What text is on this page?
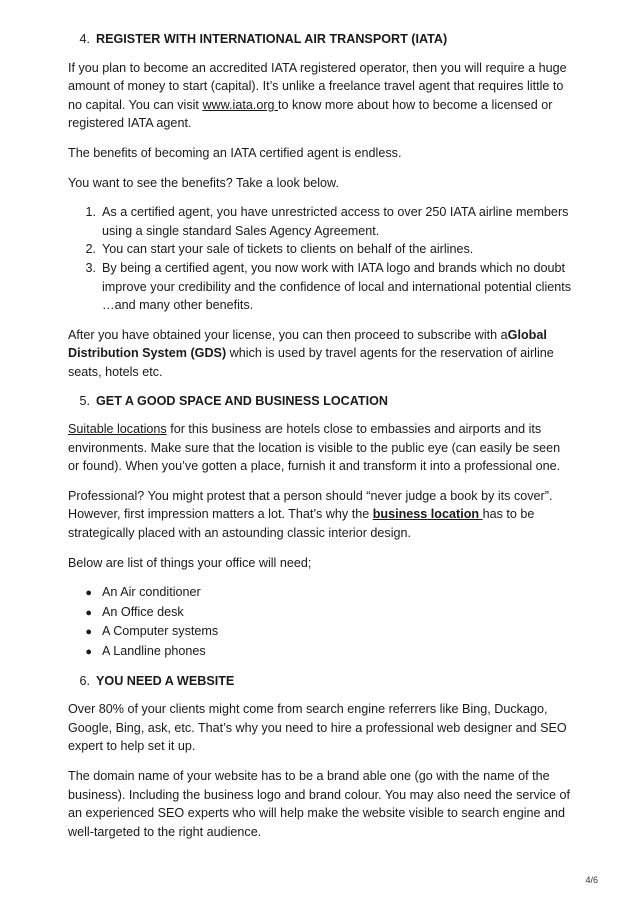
4. REGISTER WITH INTERNATIONAL AIR TRANSPORT (IATA)

If you plan to become an accredited IATA registered operator, then you will require a huge amount of money to start (capital). It’s unlike a freelance travel agent that requires little to no capital. You can visit www.iata.org to know more about how to become a licensed or registered IATA agent.

The benefits of becoming an IATA certified agent is endless.

You want to see the benefits? Take a look below.

1. As a certified agent, you have unrestricted access to over 250 IATA airline members using a single standard Sales Agency Agreement.
2. You can start your sale of tickets to clients on behalf of the airlines.
3. By being a certified agent, you now work with IATA logo and brands which no doubt improve your credibility and the confidence of local and international potential clients …and many other benefits.

After you have obtained your license, you can then proceed to subscribe with aGlobal Distribution System (GDS) which is used by travel agents for the reservation of airline seats, hotels etc.

5. GET A GOOD SPACE AND BUSINESS LOCATION

Suitable locations for this business are hotels close to embassies and airports and its environments. Make sure that the location is visible to the public eye (can easily be seen or found). When you’ve gotten a place, furnish it and transform it into a professional one.

Professional? You might protest that a person should “never judge a book by its cover”. However, first impression matters a lot. That’s why the business location has to be strategically placed with an astounding classic interior design.

Below are list of things your office will need;

● An Air conditioner
● An Office desk
● A Computer systems
● A Landline phones
6. YOU NEED A WEBSITE

Over 80% of your clients might come from search engine referrers like Bing, Duckago, Google, Bing, ask, etc. That’s why you need to hire a professional web designer and SEO expert to help set it up.

The domain name of your website has to be a brand able one (go with the name of the business). Including the business logo and brand colour. You may also need the service of an experienced SEO experts who will help make the website visible to search engine and well-targeted to the right audience.

4/6
